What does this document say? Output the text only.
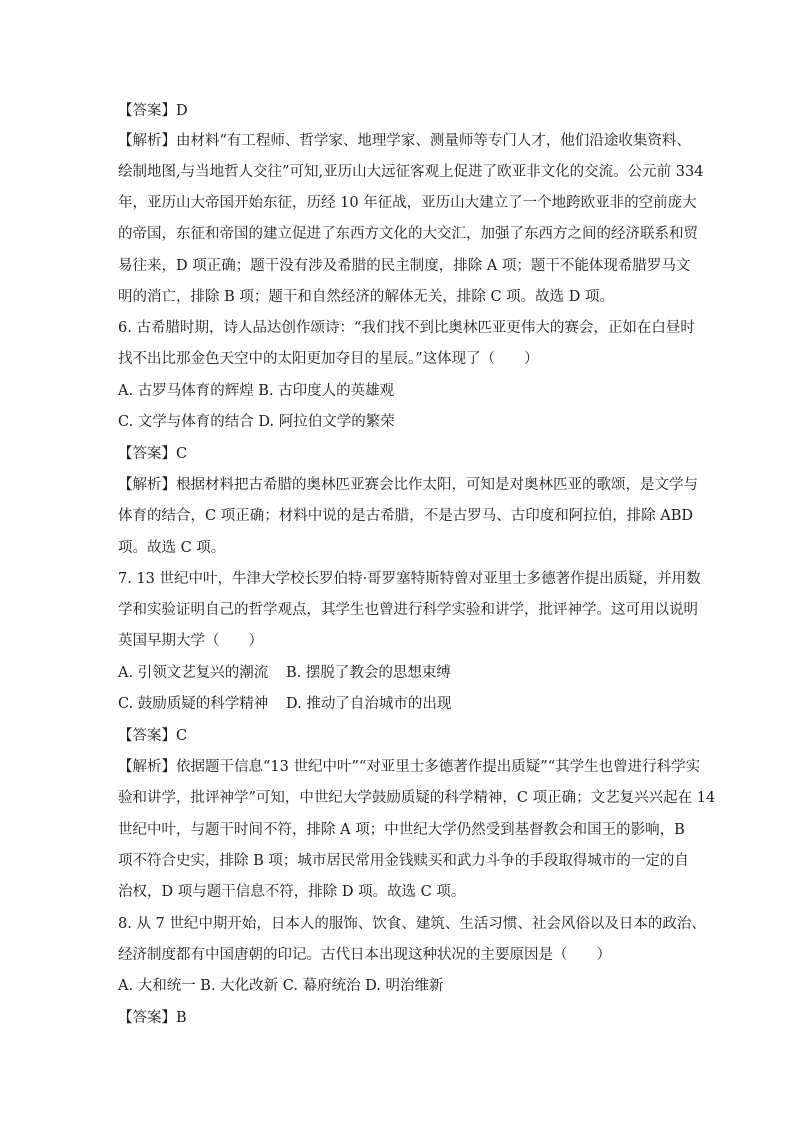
【答案】D
【解析】由材料“有工程师、哲学家、地理学家、测量师等专门人才，他们沿途收集资料、
绘制地图,与当地哲人交往”可知,亚历山大远征客观上促进了欧亚非文化的交流。公元前 334
年，亚历山大帝国开始东征，历经 10 年征战，亚历山大建立了一个地跨欧亚非的空前庞大
的帝国，东征和帝国的建立促进了东西方文化的大交汇，加强了东西方之间的经济联系和贸
易往来，D 项正确；题干没有涉及希腊的民主制度，排除 A 项；题干不能体现希腊罗马文
明的消亡，排除 B 项；题干和自然经济的解体无关，排除 C 项。故选 D 项。
6. 古希腊时期，诗人品达创作颂诗：“我们找不到比奥林匹亚更伟大的赛会，正如在白昼时
找不出比那金色天空中的太阳更加夺目的星辰。”这体现了（　　）
A. 古罗马体育的辉煌 B. 古印度人的英雄观
C. 文学与体育的结合 D. 阿拉伯文学的繁荣
【答案】C
【解析】根据材料把古希腊的奥林匹亚赛会比作太阳，可知是对奥林匹亚的歌颂，是文学与
体育的结合，C 项正确；材料中说的是古希腊，不是古罗马、古印度和阿拉伯，排除 ABD
项。故选 C 项。
7. 13 世纪中叶，牛津大学校长罗伯特·哥罗塞特斯特曾对亚里士多德著作提出质疑，并用数
学和实验证明自己的哲学观点，其学生也曾进行科学实验和讲学，批评神学。这可用以说明
英国早期大学（　　）
A. 引领文艺复兴的潮流 B. 摆脱了教会的思想束缚
C. 鼓励质疑的科学精神 D. 推动了自治城市的出现
【答案】C
【解析】依据题干信息“13 世纪中叶”“对亚里士多德著作提出质疑”“其学生也曾进行科学实
验和讲学，批评神学”可知，中世纪大学鼓励质疑的科学精神，C 项正确；文艺复兴兴起在 14
世纪中叶，与题干时间不符，排除 A 项；中世纪大学仍然受到基督教会和国王的影响，B
项不符合史实，排除 B 项；城市居民常用金钱赎买和武力斗争的手段取得城市的一定的自
治权，D 项与题干信息不符，排除 D 项。故选 C 项。
8. 从 7 世纪中期开始，日本人的服饰、饮食、建筑、生活习惯、社会风俗以及日本的政治、
经济制度都有中国唐朝的印记。古代日本出现这种状况的主要原因是（　　）
A. 大和统一 B. 大化改新 C. 幕府统治 D. 明治维新
【答案】B
